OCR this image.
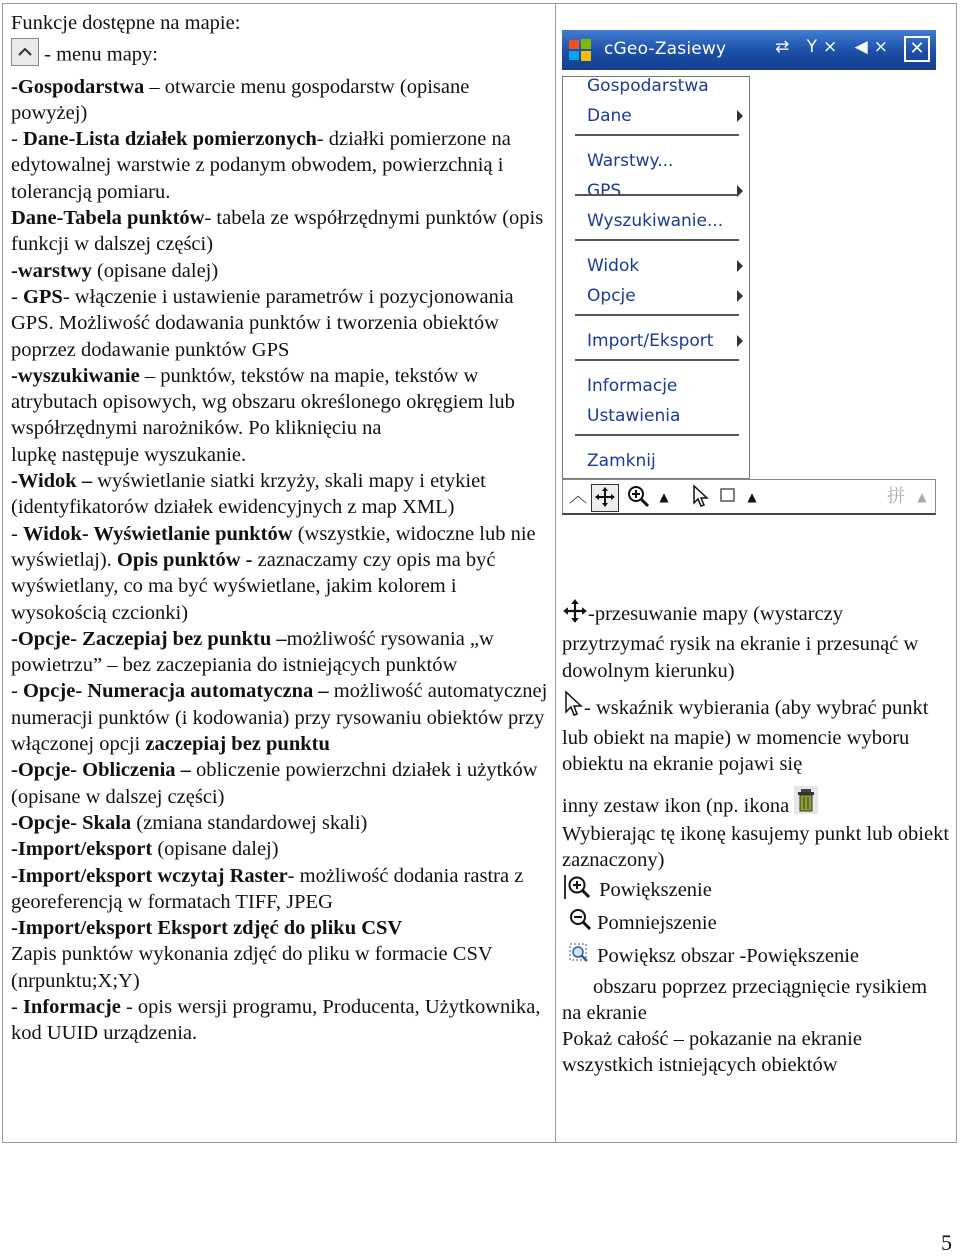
Funkcje dostępne na mapie:

- menu mapy:

-Gospodarstwa – otwarcie menu gospodarstw (opisane powyżej)

- Dane-Lista działek pomierzonych- działki pomierzone na edytowalnej warstwie z podanym obwodem, powierzchnią i tolerancją pomiaru.

Dane-Tabela punktów- tabela ze współrzędnymi punktów (opis funkcji w dalszej części)

-warstwy (opisane dalej)

- GPS- włączenie i ustawienie parametrów i pozycjonowania GPS. Możliwość dodawania punktów i tworzenia obiektów poprzez dodawanie punktów GPS

-wyszukiwanie – punktów, tekstów na mapie, tekstów w atrybutach opisowych, wg obszaru określonego okręgiem lub współrzędnymi narożników. Po kliknięciu na

lupkę następuje wyszukanie.

-Widok – wyświetlanie siatki krzyży, skali mapy i etykiet (identyfikatorów działek ewidencyjnych z map XML)

- Widok- Wyświetlanie punktów (wszystkie, widoczne lub nie wyświetlaj). Opis punktów - zaznaczamy czy opis ma być wyświetlany, co ma być wyświetlane, jakim kolorem i wysokością czcionki)

-Opcje- Zaczepiaj bez punktu –możliwość rysowania „w powietrzu” – bez zaczepiania do istniejących punktów

- Opcje- Numeracja automatyczna – możliwość automatycznej numeracji punktów (i kodowania) przy rysowaniu obiektów przy włączonej opcji zaczepiaj bez punktu

-Opcje- Obliczenia – obliczenie powierzchni działek i użytków (opisane w dalszej części)

-Opcje- Skala (zmiana standardowej skali)

-Import/eksport (opisane dalej)

-Import/eksport wczytaj Raster- możliwość dodania rastra z georeferencją w formatach TIFF, JPEG

-Import/eksport Eksport zdjęć do pliku CSV

Zapis punktów wykonania zdjęć do pliku w formacie CSV (nrpunktu;X;Y)

- Informacje - opis wersji programu, Producenta, Użytkownika, kod UUID urządzenia.

cGeo-Zasiewy	⇄ Y× ◀× ✕
Gospodarstwa
Dane
Warstwy...
GPS
Wyszukiwanie...
Widok
Opcje
Import/Eksport
Informacje
Ustawienia
Zamknij
︿	▲	▲	拼	▲

-przesuwanie mapy (wystarczy przytrzymać rysik na ekranie i przesunąć w dowolnym kierunku)

- wskaźnik wybierania (aby wybrać punkt lub obiekt na mapie) w momencie wyboru obiektu na ekranie pojawi się

inny zestaw ikon (np. ikona

Wybierając tę ikonę kasujemy punkt lub obiekt zaznaczony)

Powiększenie

Pomniejszenie

Powiększ obszar -Powiększenie

obszaru poprzez przeciągnięcie rysikiem na ekranie

Pokaż całość – pokazanie na ekranie wszystkich istniejących obiektów

5
